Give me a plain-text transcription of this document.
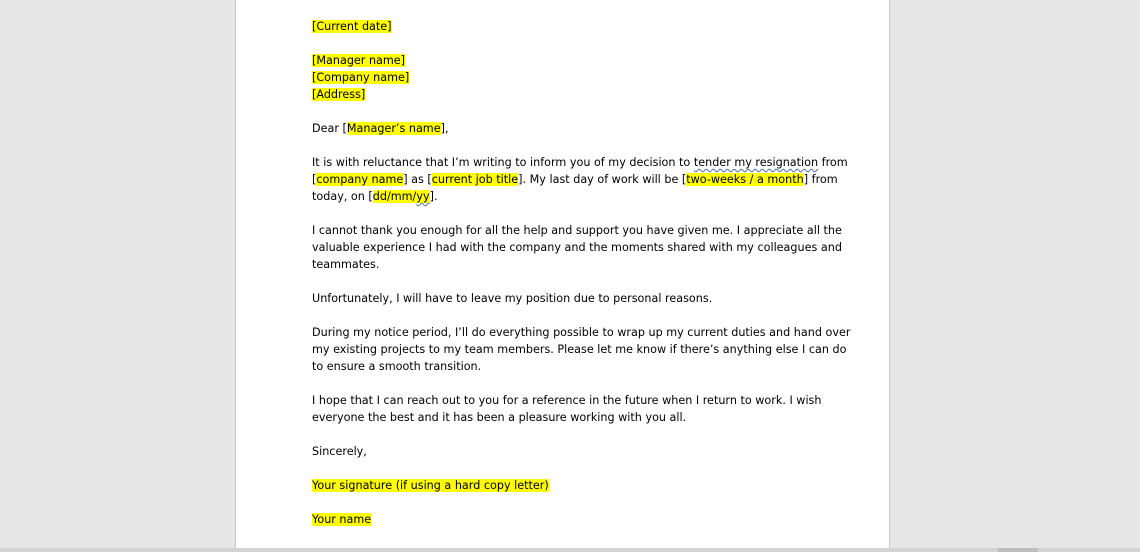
[Current date]
[Manager name]
[Company name]
[Address]
Dear [Manager’s name],
It is with reluctance that I’m writing to inform you of my decision to tender my resignation from
[company name] as [current job title]. My last day of work will be [two-weeks / a month] from
today, on [dd/mm/yy].
I cannot thank you enough for all the help and support you have given me. I appreciate all the
valuable experience I had with the company and the moments shared with my colleagues and
teammates.
Unfortunately, I will have to leave my position due to personal reasons.
During my notice period, I’ll do everything possible to wrap up my current duties and hand over
my existing projects to my team members. Please let me know if there’s anything else I can do
to ensure a smooth transition.
I hope that I can reach out to you for a reference in the future when I return to work. I wish
everyone the best and it has been a pleasure working with you all.
Sincerely,
Your signature (if using a hard copy letter)
Your name
